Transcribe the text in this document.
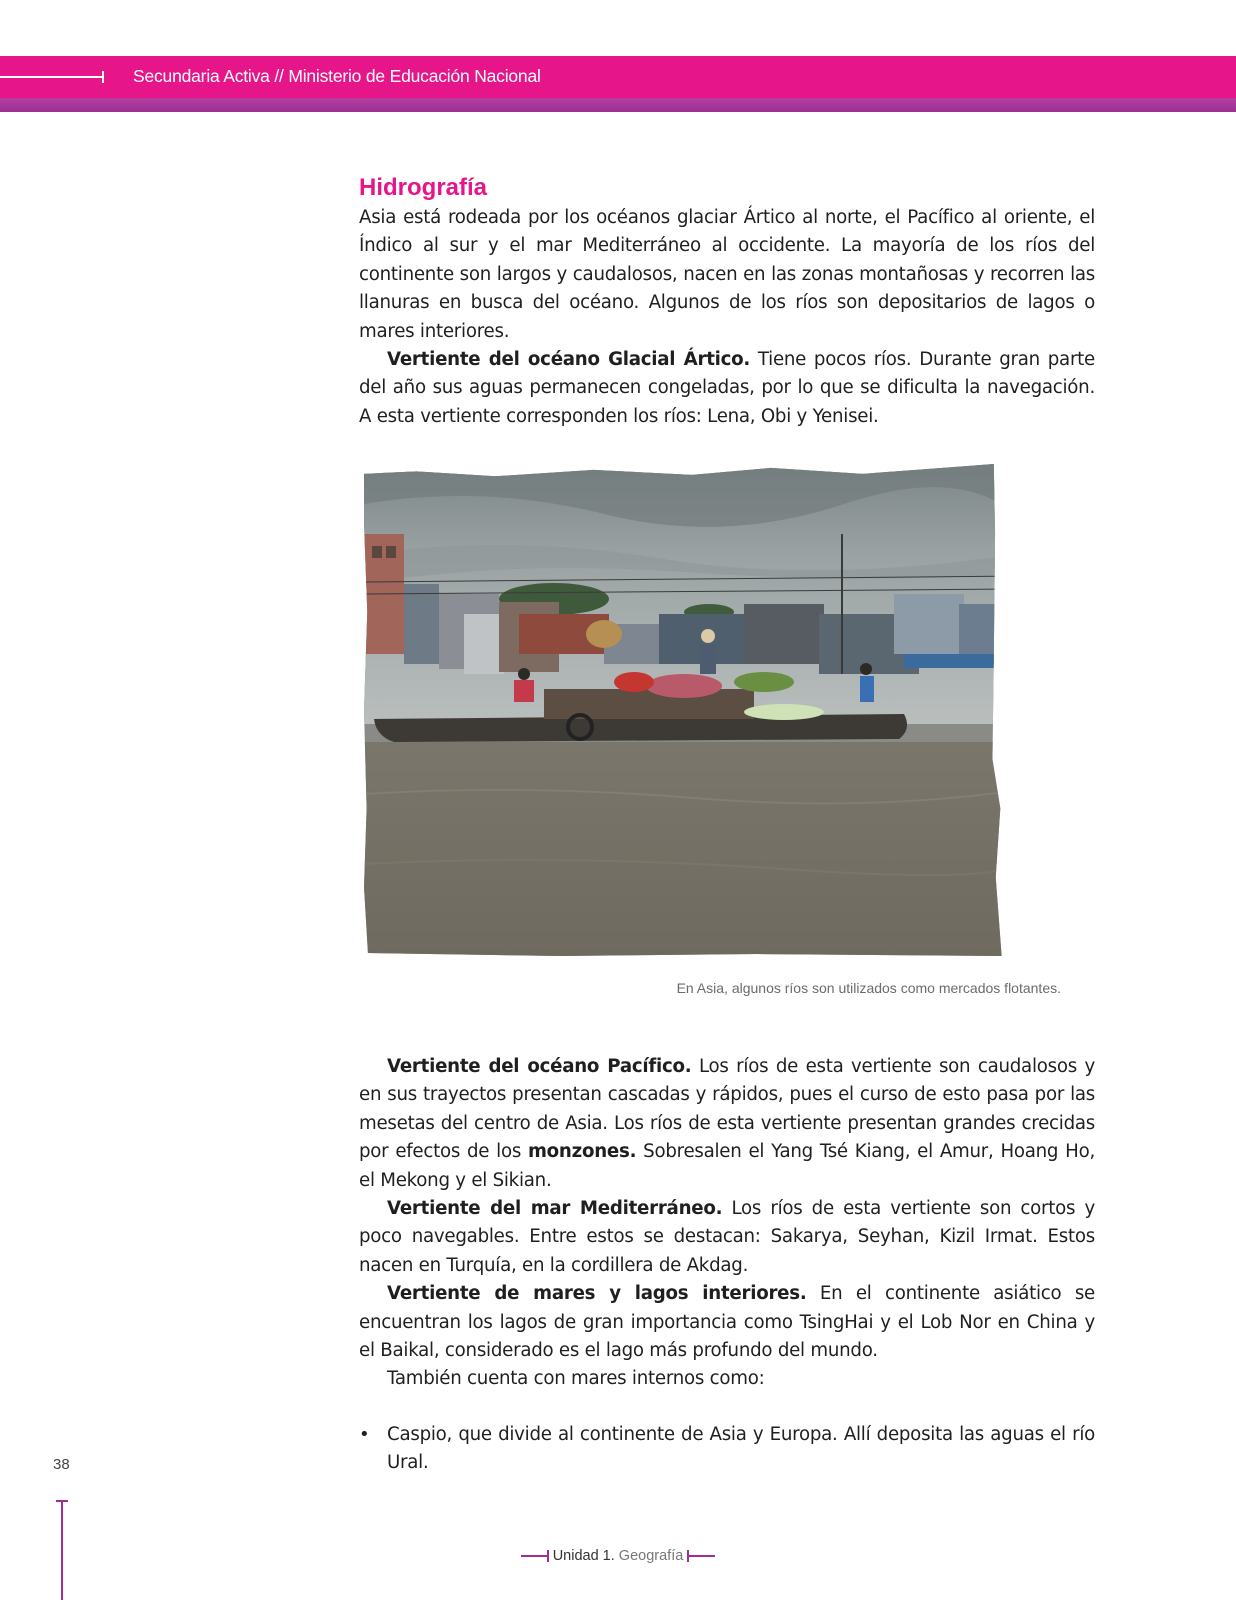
Secundaria Activa // Ministerio de Educación Nacional
Hidrografía

Asia está rodeada por los océanos glaciar Ártico al norte, el Pacífico al oriente, el Índico al sur y el mar Mediterráneo al occidente. La mayoría de los ríos del continente son largos y caudalosos, nacen en las zonas montañosas y recorren las llanuras en busca del océano. Algunos de los ríos son depositarios de lagos o mares interiores.

Vertiente del océano Glacial Ártico. Tiene pocos ríos. Durante gran parte del año sus aguas permanecen congeladas, por lo que se dificulta la navegación. A esta vertiente corresponden los ríos: Lena, Obi y Yenisei.

En Asia, algunos ríos son utilizados como mercados flotantes.

Vertiente del océano Pacífico. Los ríos de esta vertiente son caudalosos y en sus trayectos presentan cascadas y rápidos, pues el curso de esto pasa por las mesetas del centro de Asia. Los ríos de esta vertiente presentan grandes crecidas por efectos de los monzones. Sobresalen el Yang Tsé Kiang, el Amur, Hoang Ho, el Mekong y el Sikian.

Vertiente del mar Mediterráneo. Los ríos de esta vertiente son cortos y poco navegables. Entre estos se destacan: Sakarya, Seyhan, Kizil Irmat. Estos nacen en Turquía, en la cordillera de Akdag.

Vertiente de mares y lagos interiores. En el continente asiático se encuentran los lagos de gran importancia como TsingHai y el Lob Nor en China y el Baikal, considerado es el lago más profundo del mundo.

También cuenta con mares internos como:

• Caspio, que divide al continente de Asia y Europa. Allí deposita las aguas el río Ural.
38
Unidad 1. Geografía
